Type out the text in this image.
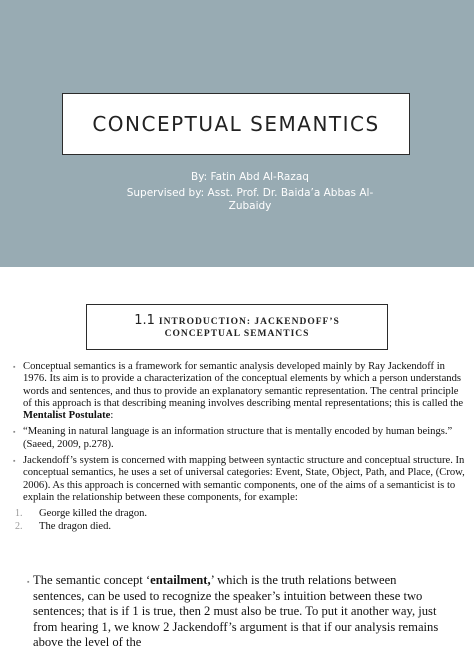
CONCEPTUAL SEMANTICS
By: Fatin Abd Al-Razaq
Supervised by: Asst. Prof. Dr. Baida’a Abbas Al-
Zubaidy
1.1 INTRODUCTION: JACKENDOFF’S
CONCEPTUAL SEMANTICS
▪ Conceptual semantics is a framework for semantic analysis developed mainly by Ray Jackendoff in 1976. Its aim is to provide a characterization of the conceptual elements by which a person understands words and sentences, and thus to provide an explanatory semantic representation. The central principle of this approach is that describing meaning involves describing mental representations; this is called the Mentalist Postulate:
▪ “Meaning in natural language is an information structure that is mentally encoded by human beings.” (Saeed, 2009, p.278).
▪ Jackendoff’s system is concerned with mapping between syntactic structure and conceptual structure. In conceptual semantics, he uses a set of universal categories: Event, State, Object, Path, and Place, (Crow, 2006). As this approach is concerned with semantic components, one of the aims of a semanticist is to explain the relationship between these components, for example:
1. George killed the dragon.
2. The dragon died.
▪ The semantic concept ‘entailment,’ which is the truth relations between sentences, can be used to recognize the speaker’s intuition between these two sentences; that is if 1 is true, then 2 must also be true. To put it another way, just from hearing 1, we know 2 Jackendoff’s argument is that if our analysis remains above the level of the
